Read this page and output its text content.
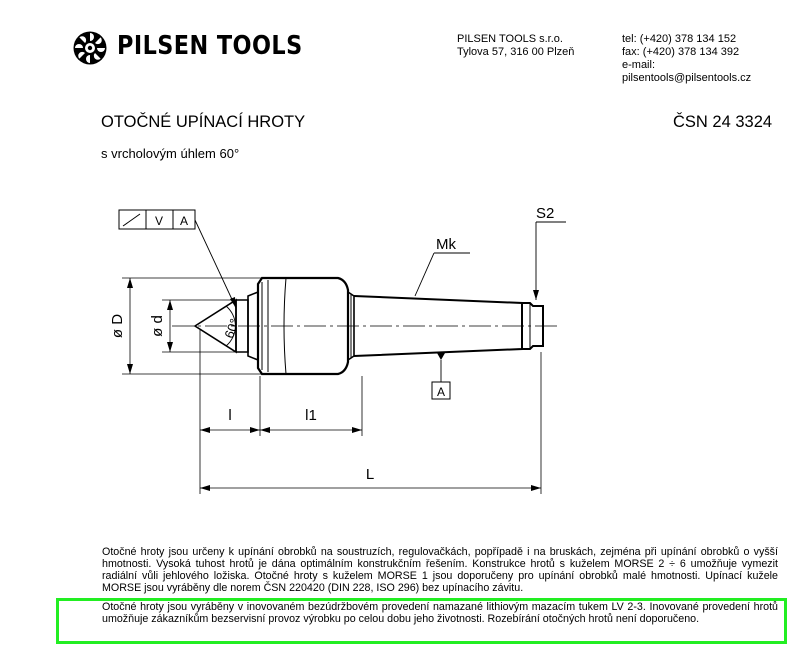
PILSEN TOOLS	PILSEN TOOLS s.r.o.
Tylova 57, 316 00 Plzeň
tel: (+420) 378 134 152
fax: (+420) 378 134 392
e-mail:
pilsentools@pilsentools.cz
OTOČNÉ UPÍNACÍ HROTY	ČSN 24 3324
s vrcholovým úhlem 60°
ø D ø d	60°
l	l1
L
Mk
S2
A
V A

Otočné hroty jsou určeny k upínání obrobků na soustruzích, regulovačkách, popřípadě i na bruskách, zejména při upínání obrobků o vyšší hmotnosti. Vysoká tuhost hrotů je dána optimálním konstrukčním řešením. Konstrukce hrotů s kuželem MORSE 2 ÷ 6 umožňuje vymezit radiální vůli jehlového ložiska. Otočné hroty s kuželem MORSE 1 jsou doporučeny pro upínání obrobků malé hmotnosti. Upínací kužele MORSE jsou vyráběny dle norem ČSN 220420 (DIN 228, ISO 296) bez upínacího závitu.

Otočné hroty jsou vyráběny v inovovaném bezúdržbovém provedení namazané lithiovým mazacím tukem LV 2-3. Inovované provedení hrotů umožňuje zákazníkům bezservisní provoz výrobku po celou dobu jeho životnosti. Rozebírání otočných hrotů není doporučeno.
